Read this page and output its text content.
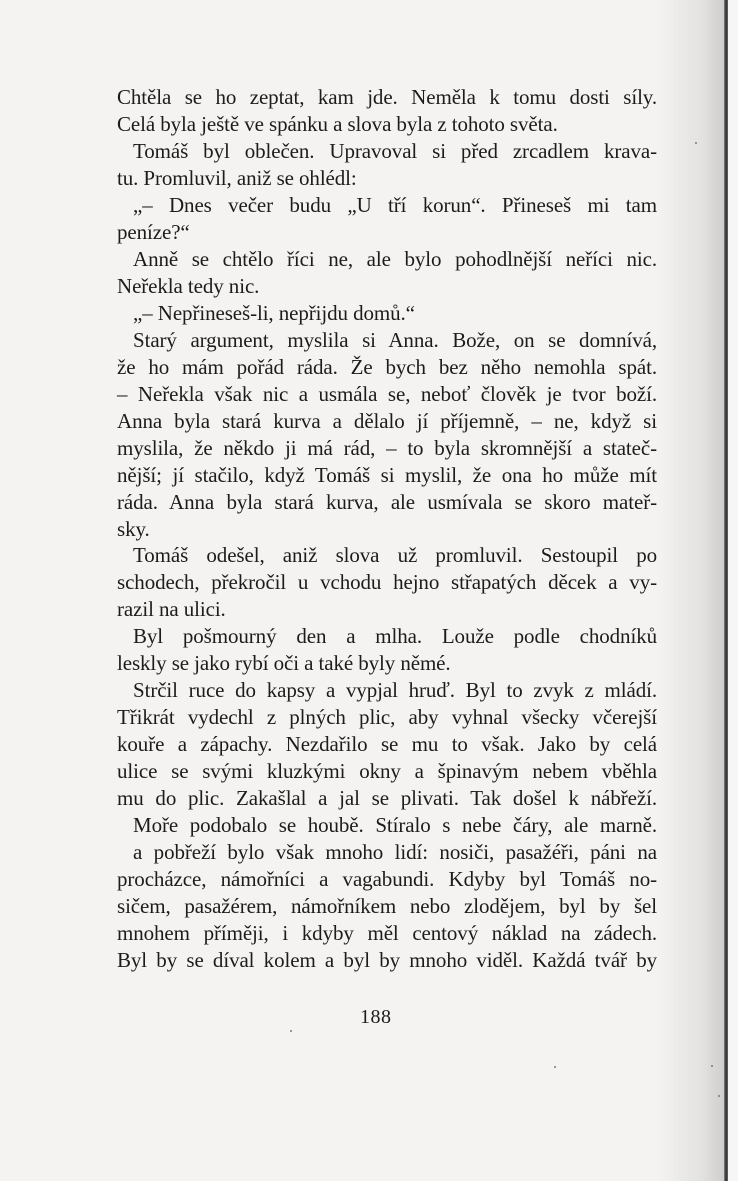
Chtěla se ho zeptat, kam jde. Neměla k tomu dosti síly.
Celá byla ještě ve spánku a slova byla z tohoto světa.
Tomáš byl oblečen. Upravoval si před zrcadlem krava-
tu. Promluvil, aniž se ohlédl:
„– Dnes večer budu „U tří korun“. Přineseš mi tam
peníze?“
Anně se chtělo říci ne, ale bylo pohodlnější neříci nic.
Neřekla tedy nic.
„– Nepřineseš-li, nepřijdu domů.“
Starý argument, myslila si Anna. Bože, on se domnívá,
že ho mám pořád ráda. Že bych bez něho nemohla spát.
– Neřekla však nic a usmála se, neboť člověk je tvor boží.
Anna byla stará kurva a dělalo jí příjemně, – ne, když si
myslila, že někdo ji má rád, – to byla skromnější a stateč-
nější; jí stačilo, když Tomáš si myslil, že ona ho může mít
ráda. Anna byla stará kurva, ale usmívala se skoro mateř-
sky.
Tomáš odešel, aniž slova už promluvil. Sestoupil po
schodech, překročil u vchodu hejno střapatých děcek a vy-
razil na ulici.
Byl pošmourný den a mlha. Louže podle chodníků
leskly se jako rybí oči a také byly němé.
Strčil ruce do kapsy a vypjal hruď. Byl to zvyk z mládí.
Třikrát vydechl z plných plic, aby vyhnal všecky včerejší
kouře a zápachy. Nezdařilo se mu to však. Jako by celá
ulice se svými kluzkými okny a špinavým nebem vběhla
mu do plic. Zakašlal a jal se plivati. Tak došel k nábřeží.
Moře podobalo se houbě. Stíralo s nebe čáry, ale marně.
a pobřeží bylo však mnoho lidí: nosiči, pasažéři, páni na
procházce, námořníci a vagabundi. Kdyby byl Tomáš no-
sičem, pasažérem, námořníkem nebo zlodějem, byl by šel
mnohem příměji, i kdyby měl centový náklad na zádech.
Byl by se díval kolem a byl by mnoho viděl. Každá tvář by
188
